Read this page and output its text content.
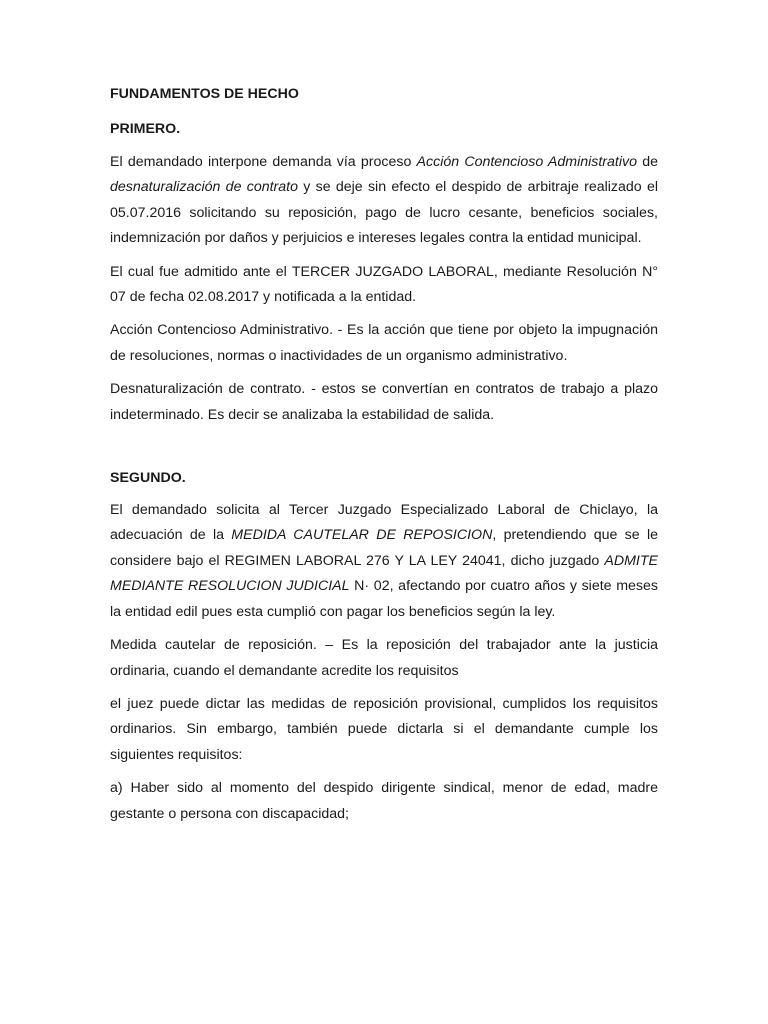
FUNDAMENTOS DE HECHO
PRIMERO.

El demandado interpone demanda vía proceso Acción Contencioso Administrativo de desnaturalización de contrato y se deje sin efecto el despido de arbitraje realizado el 05.07.2016 solicitando su reposición, pago de lucro cesante, beneficios sociales, indemnización por daños y perjuicios e intereses legales contra la entidad municipal.

El cual fue admitido ante el TERCER JUZGADO LABORAL, mediante Resolución N° 07 de fecha 02.08.2017 y notificada a la entidad.

Acción Contencioso Administrativo. - Es la acción que tiene por objeto la impugnación de resoluciones, normas o inactividades de un organismo administrativo.

Desnaturalización de contrato. - estos se convertían en contratos de trabajo a plazo indeterminado. Es decir se analizaba la estabilidad de salida.

SEGUNDO.

El demandado solicita al Tercer Juzgado Especializado Laboral de Chiclayo, la adecuación de la MEDIDA CAUTELAR DE REPOSICION, pretendiendo que se le considere bajo el REGIMEN LABORAL 276 Y LA LEY 24041, dicho juzgado ADMITE MEDIANTE RESOLUCION JUDICIAL N· 02, afectando por cuatro años y siete meses la entidad edil pues esta cumplió con pagar los beneficios según la ley.

Medida cautelar de reposición. – Es la reposición del trabajador ante la justicia ordinaria, cuando el demandante acredite los requisitos

el juez puede dictar las medidas de reposición provisional, cumplidos los requisitos ordinarios. Sin embargo, también puede dictarla si el demandante cumple los siguientes requisitos:

a) Haber sido al momento del despido dirigente sindical, menor de edad, madre gestante o persona con discapacidad;
